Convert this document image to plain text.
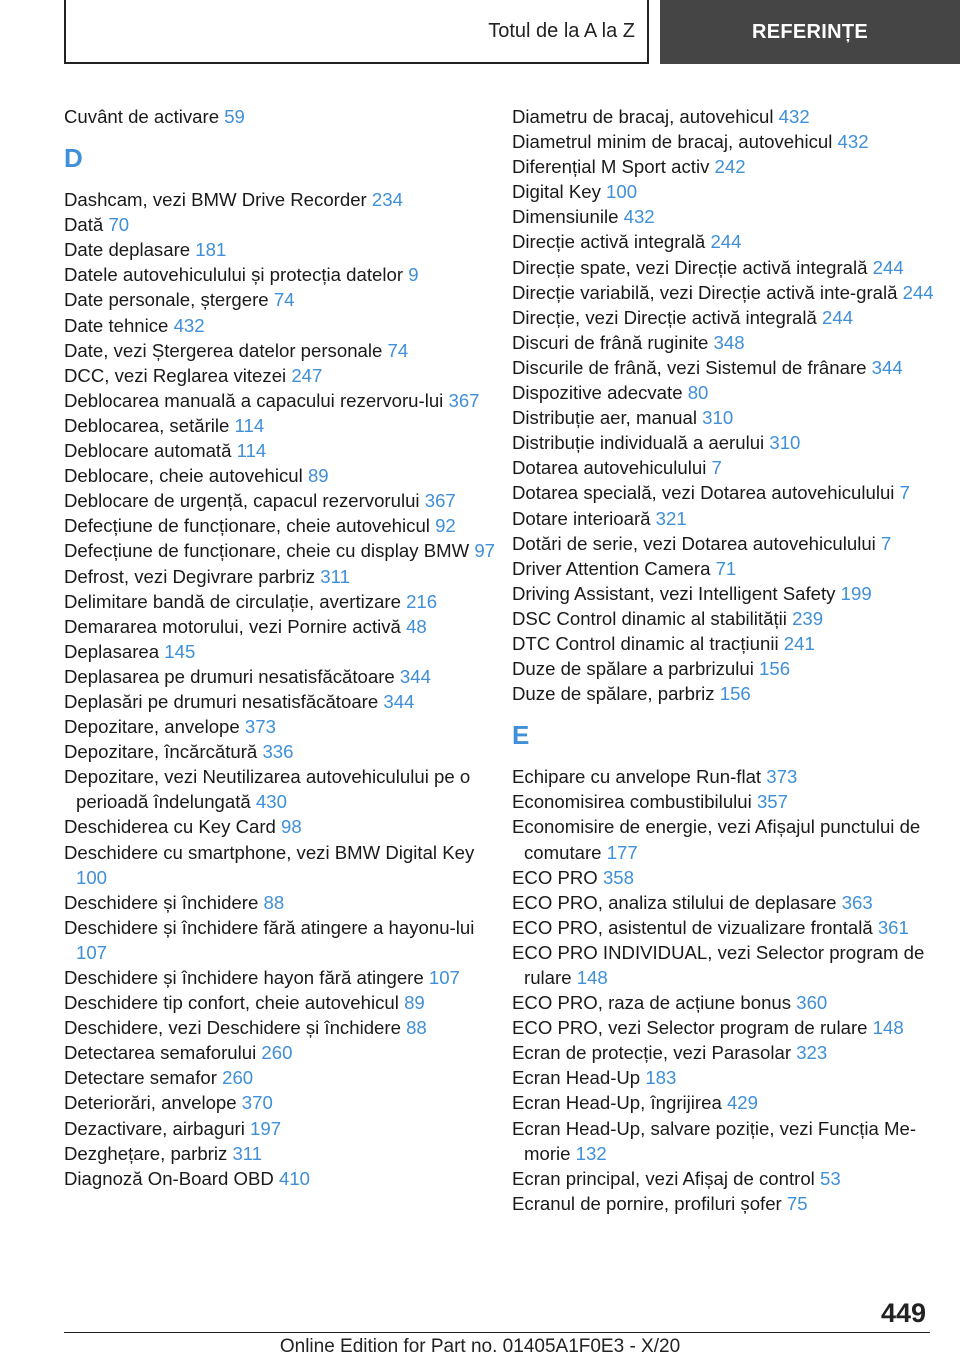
Totul de la A la Z	REFERINȚE
Cuvânt de activare 59
D
Dashcam, vezi BMW Drive Recorder 234
Dată 70
Date deplasare 181
Datele autovehiculului și protecția datelor 9
Date personale, ștergere 74
Date tehnice 432
Date, vezi Ștergerea datelor personale 74
DCC, vezi Reglarea vitezei 247
Deblocarea manuală a capacului rezervoru-lui 367
Deblocarea, setările 114
Deblocare automată 114
Deblocare, cheie autovehicul 89
Deblocare de urgență, capacul rezervorului 367
Defecțiune de funcționare, cheie autovehicul 92
Defecțiune de funcționare, cheie cu display BMW 97
Defrost, vezi Degivrare parbriz 311
Delimitare bandă de circulație, avertizare 216
Demararea motorului, vezi Pornire activă 48
Deplasarea 145
Deplasarea pe drumuri nesatisfăcătoare 344
Deplasări pe drumuri nesatisfăcătoare 344
Depozitare, anvelope 373
Depozitare, încărcătură 336
Depozitare, vezi Neutilizarea autovehiculului pe o perioadă îndelungată 430
Deschiderea cu Key Card 98
Deschidere cu smartphone, vezi BMW Digital Key 100
Deschidere și închidere 88
Deschidere și închidere fără atingere a hayonu-lui 107
Deschidere și închidere hayon fără atingere 107
Deschidere tip confort, cheie autovehicul 89
Deschidere, vezi Deschidere și închidere 88
Detectarea semaforului 260
Detectare semafor 260
Deteriorări, anvelope 370
Dezactivare, airbaguri 197
Dezghețare, parbriz 311
Diagnoză On-Board OBD 410
Diametru de bracaj, autovehicul 432
Diametrul minim de bracaj, autovehicul 432
Diferențial M Sport activ 242
Digital Key 100
Dimensiunile 432
Direcție activă integrală 244
Direcție spate, vezi Direcție activă integrală 244
Direcție variabilă, vezi Direcție activă inte-grală 244
Direcție, vezi Direcție activă integrală 244
Discuri de frână ruginite 348
Discurile de frână, vezi Sistemul de frânare 344
Dispozitive adecvate 80
Distribuție aer, manual 310
Distribuție individuală a aerului 310
Dotarea autovehiculului 7
Dotarea specială, vezi Dotarea autovehiculului 7
Dotare interioară 321
Dotări de serie, vezi Dotarea autovehiculului 7
Driver Attention Camera 71
Driving Assistant, vezi Intelligent Safety 199
DSC Control dinamic al stabilității 239
DTC Control dinamic al tracțiunii 241
Duze de spălare a parbrizului 156
Duze de spălare, parbriz 156
E
Echipare cu anvelope Run-flat 373
Economisirea combustibilului 357
Economisire de energie, vezi Afișajul punctului de comutare 177
ECO PRO 358
ECO PRO, analiza stilului de deplasare 363
ECO PRO, asistentul de vizualizare frontală 361
ECO PRO INDIVIDUAL, vezi Selector program de rulare 148
ECO PRO, raza de acțiune bonus 360
ECO PRO, vezi Selector program de rulare 148
Ecran de protecție, vezi Parasolar 323
Ecran Head-Up 183
Ecran Head-Up, îngrijirea 429
Ecran Head-Up, salvare poziție, vezi Funcția Me-morie 132
Ecran principal, vezi Afișaj de control 53
Ecranul de pornire, profiluri șofer 75
449
Online Edition for Part no. 01405A1F0E3 - X/20
